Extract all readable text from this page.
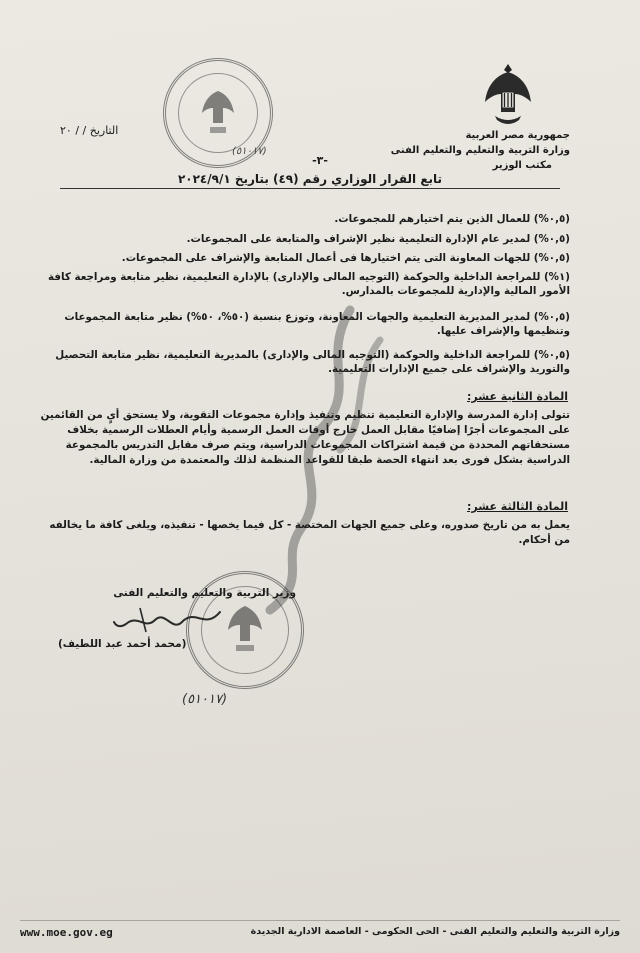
جمهورية مصر العربية
وزارة التربية والتعليم والتعليم الفنى
مكتب الوزير
(٥١٠١٧)
التاريخ / / ٢٠
-٣-
تابع القرار الوزاري رقم (٤٩) بتاريخ ٢٠٢٤/٩/١
(٠,٥%) للعمال الذين يتم اختيارهم للمجموعات.
(٠,٥%) لمدير عام الإدارة التعليمية نظير الإشراف والمتابعة على المجموعات.
(٠,٥%) للجهات المعاونة التى يتم اختيارها فى أعمال المتابعة والإشراف على المجموعات.
(١%) للمراجعة الداخلية والحوكمة (التوجيه المالى والإدارى) بالإدارة التعليمية، نظير متابعة ومراجعة كافة الأمور المالية والإدارية للمجموعات بالمدارس.
(٠,٥%) لمدير المديرية التعليمية والجهات المعاونة، وتوزع بنسبة (٥٠%، ٥٠%) نظير متابعة المجموعات وتنظيمها والإشراف عليها.
(٠,٥%) للمراجعة الداخلية والحوكمة (التوجيه المالى والإدارى) بالمديرية التعليمية، نظير متابعة التحصيل والتوريد والإشراف على جميع الإدارات التعليمية.
المادة الثانية عشر:
تتولى إدارة المدرسة والإدارة التعليمية تنظيم وتنفيذ وإدارة مجموعات التقوية، ولا يستحق أيٍ من القائمين على المجموعات أجرًا إضافيًا مقابل العمل خارج أوقات العمل الرسمية وأيام العطلات الرسمية بخلاف مستحقاتهم المحددة من قيمة اشتراكات المجموعات الدراسية، ويتم صرف مقابل التدريس بالمجموعة الدراسية بشكل فورى بعد انتهاء الحصة طبقا للقواعد المنظمة لذلك والمعتمدة من وزارة المالية.
المادة الثالثة عشر:
يعمل به من تاريخ صدوره، وعلى جميع الجهات المختصة - كل فيما يخصها - تنفيذه، ويلغى كافة ما يخالفه من أحكام.
وزير التربية والتعليم والتعليم الفنى
(محمد أحمد عبد اللطيف)
(٥١٠١٧)
www.moe.gov.eg	وزارة التربية والتعليم والتعليم الفنى - الحى الحكومى - العاصمة الادارية الجديدة
